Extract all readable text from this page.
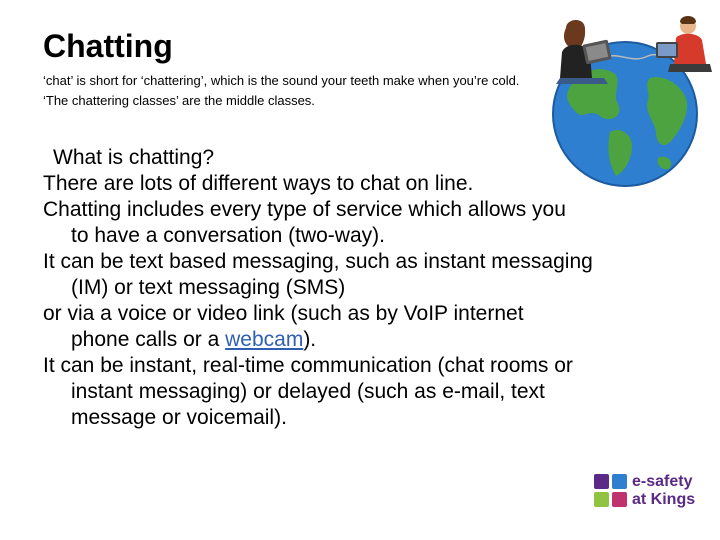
Chatting
‘chat’ is short for ‘chattering’, which is the sound your teeth make when you’re cold. ‘The chattering classes’ are the middle classes.

What is chatting?

There are lots of different ways to chat on line.

Chatting includes every type of service which allows you
to have a conversation (two-way).

It can be text based messaging, such as instant messaging
(IM) or text messaging (SMS)

or via a voice or video link (such as by VoIP internet
phone calls or a webcam).

It can be instant, real-time communication (chat rooms or
instant messaging) or delayed (such as e-mail, text
message or voicemail).

e-safety
at Kings
